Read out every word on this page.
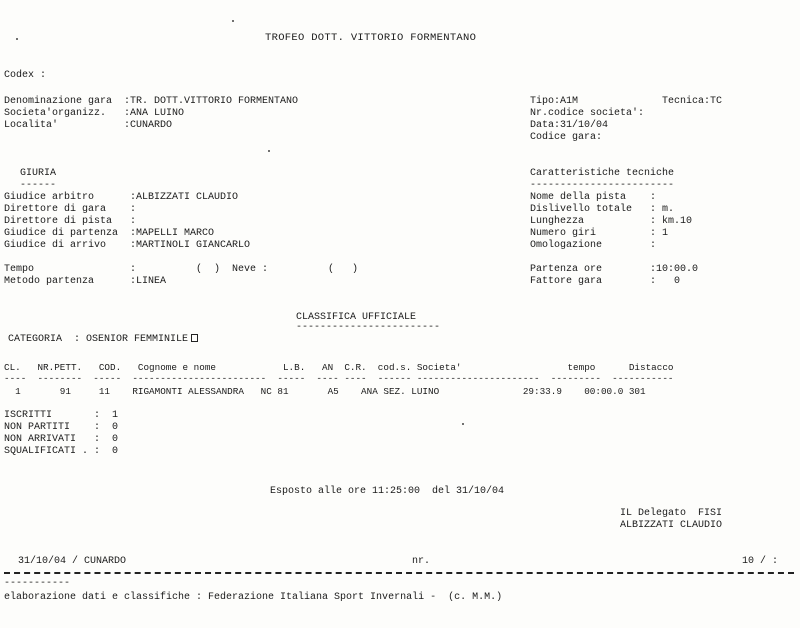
TROFEO DOTT. VITTORIO FORMENTANO
Codex :
Denominazione gara  :TR. DOTT.VITTORIO FORMENTANO
Societa'organizz.   :ANA LUINO
Localita'           :CUNARDO
Tipo:A1M	Tecnica:TC
Nr.codice societa':
Data:31/10/04
Codice gara:
GIURIA
------
Giudice arbitro      :ALBIZZATI CLAUDIO
Direttore di gara    :
Direttore di pista   :
Giudice di partenza  :MAPELLI MARCO
Giudice di arrivo    :MARTINOLI GIANCARLO
Caratteristiche tecniche
------------------------
Nome della pista    :
Dislivello totale   : m.
Lunghezza           : km.10
Numero giri         : 1
Omologazione        :
Tempo                :          (  )  Neve :          (   )
Metodo partenza      :LINEA
Partenza ore        :10:00.0
Fattore gara        :   0
CLASSIFICA UFFICIALE
------------------------
CATEGORIA  : OSENIOR FEMMINILE
CL.   NR.PETT.   COD.   Cognome e nome            L.B.   AN  C.R.  cod.s. Societa'                   tempo      Distacco
----  --------  -----  ------------------------  -----  ---- ----  ------ ----------------------  ---------  -----------
1       91     11    RIGAMONTI ALESSANDRA   NC 81       A5    ANA SEZ. LUINO               29:33.9    00:00.0 301
ISCRITTI       :  1
NON PARTITI    :  0
NON ARRIVATI   :  0
SQUALIFICATI . :  0
Esposto alle ore 11:25:00  del 31/10/04
IL Delegato  FISI
ALBIZZATI CLAUDIO
31/10/04 / CUNARDO	nr.	10 / :
-----------
elaborazione dati e classifiche : Federazione Italiana Sport Invernali -  (c. M.M.)
